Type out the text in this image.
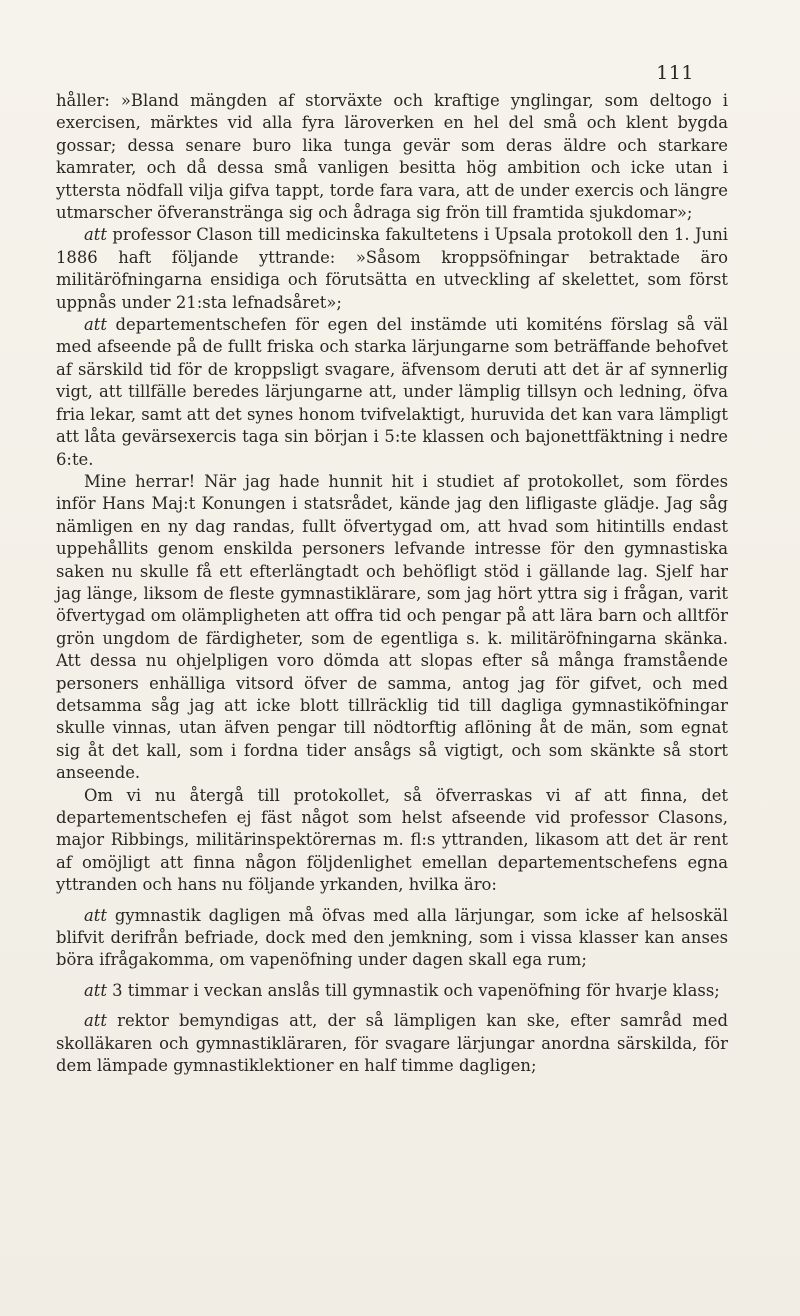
111

håller: »Bland mängden af storväxte och kraftige ynglingar, som deltogo i exercisen, märktes vid alla fyra läroverken en hel del små och klent bygda gossar; dessa senare buro lika tunga gevär som deras äldre och starkare kamrater, och då dessa små vanligen besitta hög ambition och icke utan i yttersta nödfall vilja gifva tappt, torde fara vara, att de under exercis och längre utmarscher öfveranstränga sig och ådraga sig frön till framtida sjukdomar»;

att professor Clason till medicinska fakultetens i Upsala protokoll den 1. Juni 1886 haft följande yttrande: »Såsom kroppsöfningar betraktade äro militäröfningarna ensidiga och förutsätta en utveckling af skelettet, som först uppnås under 21:sta lefnadsåret»;

att departementschefen för egen del instämde uti komiténs förslag så väl med afseende på de fullt friska och starka lärjungarne som beträffande behofvet af särskild tid för de kroppsligt svagare, äfvensom deruti att det är af synnerlig vigt, att tillfälle beredes lärjungarne att, under lämplig tillsyn och ledning, öfva fria lekar, samt att det synes honom tvifvelaktigt, huruvida det kan vara lämpligt att låta gevärsexercis taga sin början i 5:te klassen och bajonettfäktning i nedre 6:te.

Mine herrar! När jag hade hunnit hit i studiet af protokollet, som fördes inför Hans Maj:t Konungen i statsrådet, kände jag den lifligaste glädje. Jag såg nämligen en ny dag randas, fullt öfvertygad om, att hvad som hitintills endast uppehållits genom enskilda personers lefvande intresse för den gymnastiska saken nu skulle få ett efterlängtadt och behöfligt stöd i gällande lag. Sjelf har jag länge, liksom de fleste gymnastiklärare, som jag hört yttra sig i frågan, varit öfvertygad om olämpligheten att offra tid och pengar på att lära barn och alltför grön ungdom de färdigheter, som de egentliga s. k. militäröfningarna skänka. Att dessa nu ohjelpligen voro dömda att slopas efter så många framstående personers enhälliga vitsord öfver de samma, antog jag för gifvet, och med detsamma såg jag att icke blott tillräcklig tid till dagliga gymnastiköfningar skulle vinnas, utan äfven pengar till nödtorftig aflöning åt de män, som egnat sig åt det kall, som i fordna tider ansågs så vigtigt, och som skänkte så stort anseende.

Om vi nu återgå till protokollet, så öfverraskas vi af att finna, det departementschefen ej fäst något som helst afseende vid professor Clasons, major Ribbings, militärinspektörernas m. fl:s yttranden, likasom att det är rent af omöjligt att finna någon följdenlighet emellan departementschefens egna yttranden och hans nu följande yrkanden, hvilka äro:

att gymnastik dagligen må öfvas med alla lärjungar, som icke af helsoskäl blifvit derifrån befriade, dock med den jemkning, som i vissa klasser kan anses böra ifrågakomma, om vapenöfning under dagen skall ega rum;

att 3 timmar i veckan anslås till gymnastik och vapenöfning för hvarje klass;

att rektor bemyndigas att, der så lämpligen kan ske, efter samråd med skolläkaren och gymnastikläraren, för svagare lärjungar anordna särskilda, för dem lämpade gymnastiklektioner en half timme dagligen;
